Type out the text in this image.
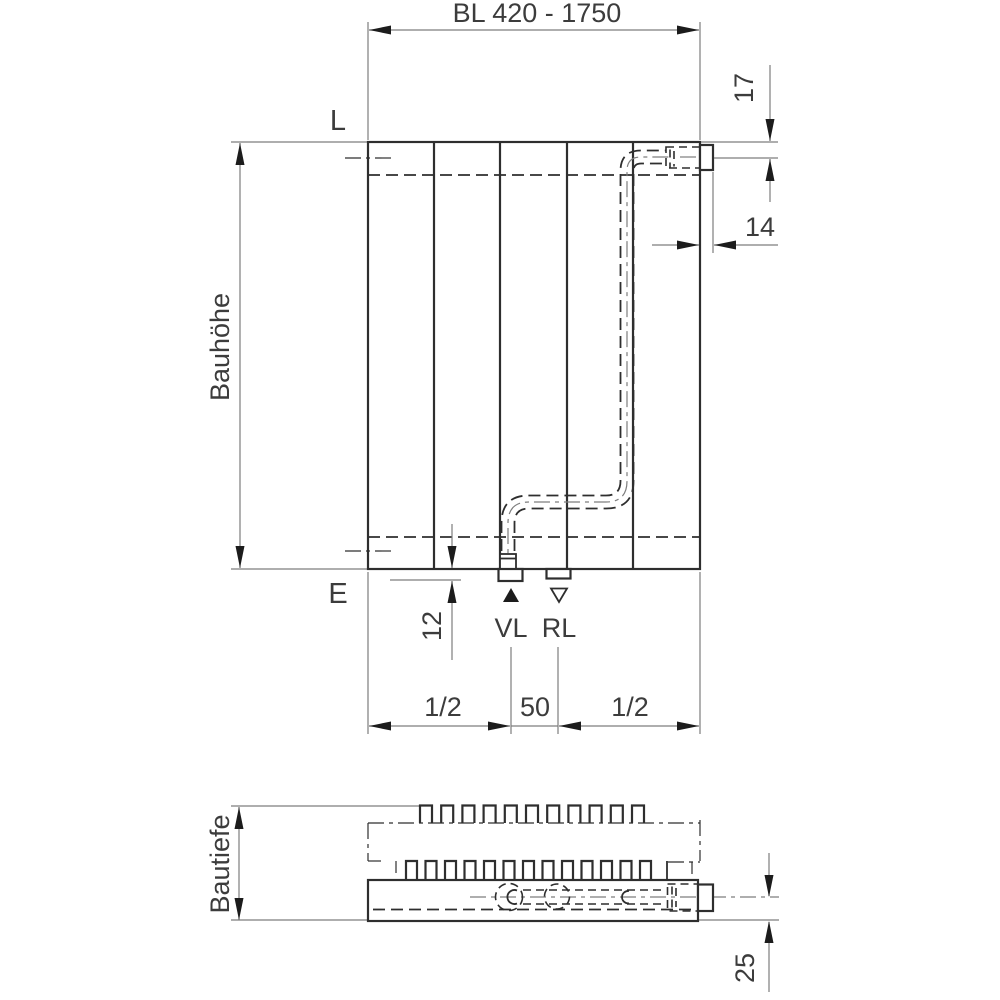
BL 420 - 1750
Bauhöhe
L
E
17
14
12 VL RL
1/2 50 1/2
Bautiefe
25
